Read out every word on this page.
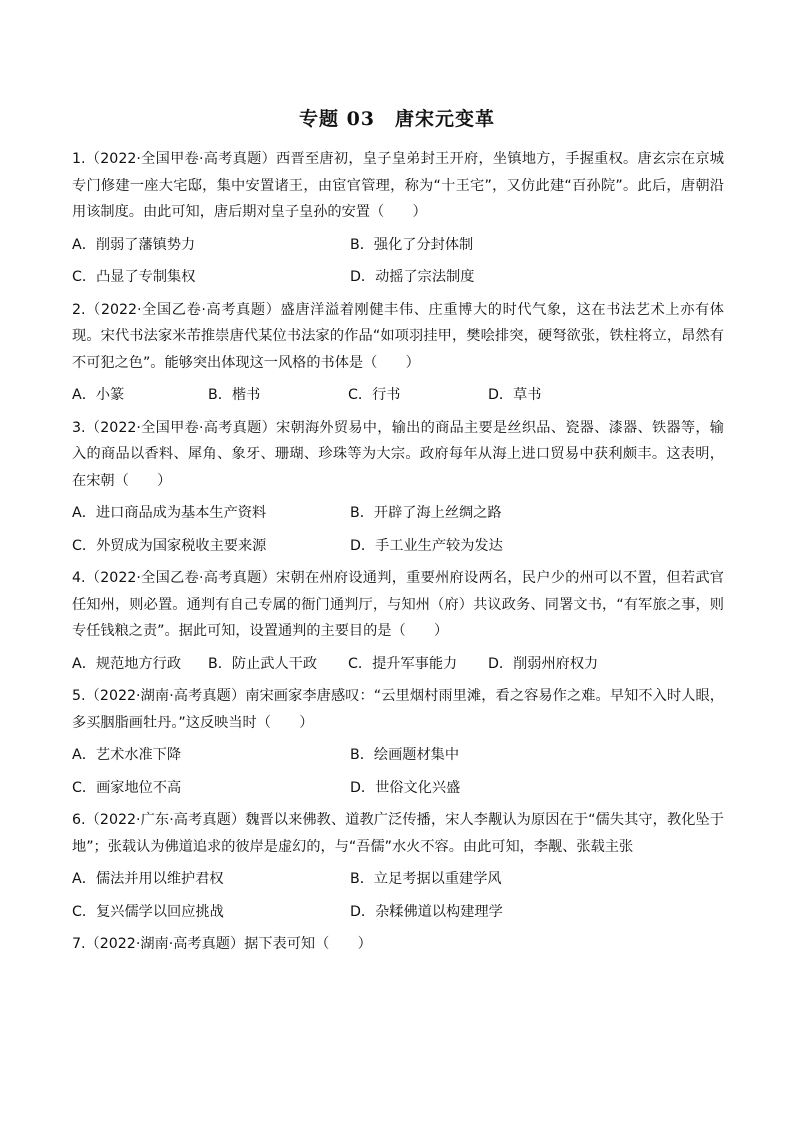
专题 03　唐宋元变革

1.（2022·全国甲卷·高考真题）西晋至唐初，皇子皇弟封王开府，坐镇地方，手握重权。唐玄宗在京城专门修建一座大宅邸，集中安置诸王，由宦官管理，称为“十王宅”，又仿此建“百孙院”。此后，唐朝沿用该制度。由此可知，唐后期对皇子皇孙的安置（　　）

A．削弱了藩镇势力	B．强化了分封体制
C．凸显了专制集权	D．动摇了宗法制度

2.（2022·全国乙卷·高考真题）盛唐洋溢着刚健丰伟、庄重博大的时代气象，这在书法艺术上亦有体现。宋代书法家米芾推崇唐代某位书法家的作品“如项羽挂甲，樊哙排突，硬弩欲张，铁柱将立，昂然有不可犯之色”。能够突出体现这一风格的书体是（　　）

A．小篆	B．楷书	C．行书	D．草书

3.（2022·全国甲卷·高考真题）宋朝海外贸易中，输出的商品主要是丝织品、瓷器、漆器、铁器等，输入的商品以香料、犀角、象牙、珊瑚、珍珠等为大宗。政府每年从海上进口贸易中获利颇丰。这表明，在宋朝（　　）

A．进口商品成为基本生产资料	B．开辟了海上丝绸之路
C．外贸成为国家税收主要来源	D．手工业生产较为发达

4.（2022·全国乙卷·高考真题）宋朝在州府设通判，重要州府设两名，民户少的州可以不置，但若武官任知州，则必置。通判有自己专属的衙门通判厅，与知州（府）共议政务、同署文书，“有军旅之事，则专任钱粮之责”。据此可知，设置通判的主要目的是（　　）

A．规范地方行政	B．防止武人干政	C．提升军事能力	D．削弱州府权力

5.（2022·湖南·高考真题）南宋画家李唐感叹：“云里烟村雨里滩，看之容易作之难。早知不入时人眼，多买胭脂画牡丹。”这反映当时（　　）

A．艺术水准下降	B．绘画题材集中
C．画家地位不高	D．世俗文化兴盛

6.（2022·广东·高考真题）魏晋以来佛教、道教广泛传播，宋人李觏认为原因在于“儒失其守，教化坠于地”；张载认为佛道追求的彼岸是虚幻的，与“吾儒”水火不容。由此可知，李觏、张载主张

A．儒法并用以维护君权	B．立足考据以重建学风
C．复兴儒学以回应挑战	D．杂糅佛道以构建理学

7.（2022·湖南·高考真题）据下表可知（　　）
